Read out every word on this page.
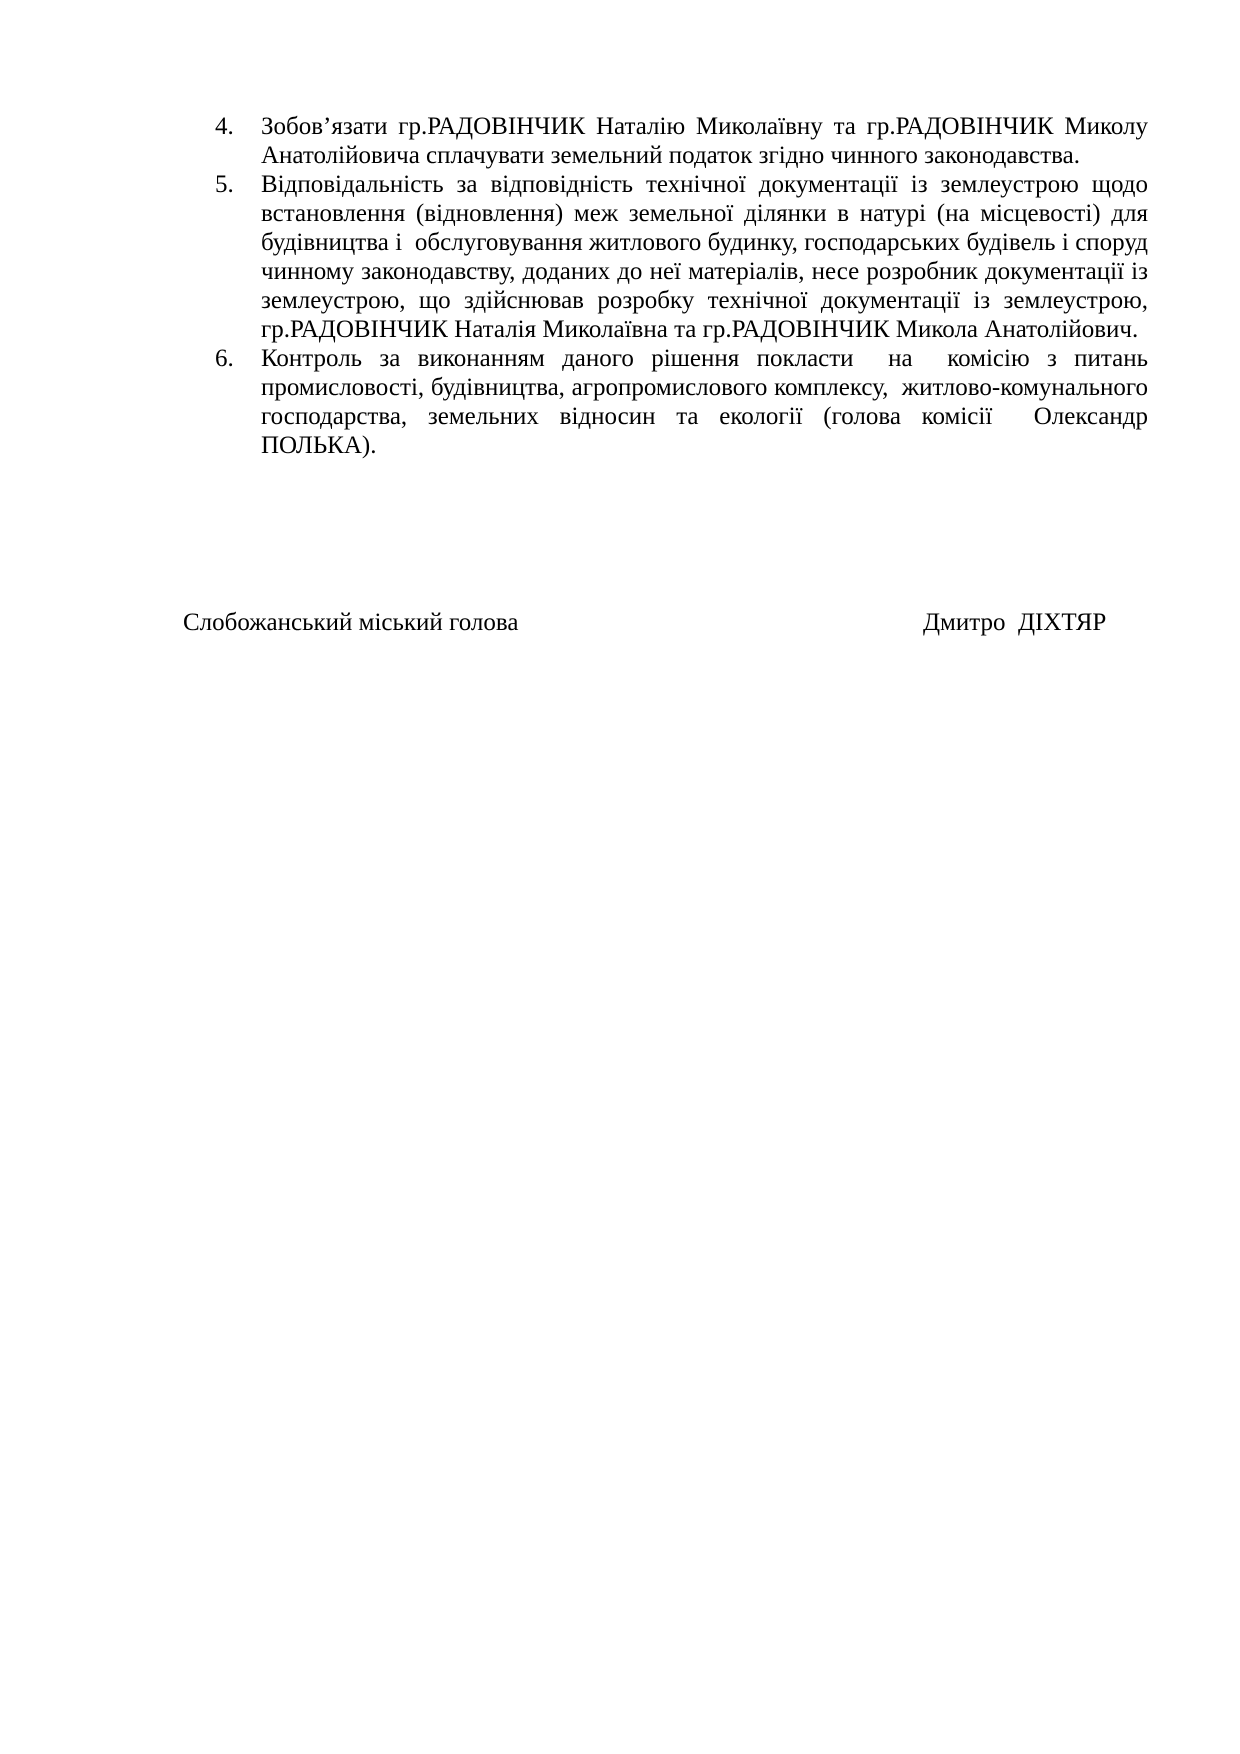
4.	Зобов’язати гр.РАДОВІНЧИК Наталію Миколаївну та гр.РАДОВІНЧИК Миколу
Анатолійовича сплачувати земельний податок згідно чинного законодавства.
5.	Відповідальність за відповідність технічної документації із землеустрою щодо
встановлення (відновлення) меж земельної ділянки в натурі (на місцевості) для
будівництва і  обслуговування житлового будинку, господарських будівель і споруд
чинному законодавству, доданих до неї матеріалів, несе розробник документації із
землеустрою, що здійснював розробку технічної документації із землеустрою,
гр.РАДОВІНЧИК Наталія Миколаївна та гр.РАДОВІНЧИК Микола Анатолійович.
6.	Контроль за виконанням даного рішення покласти  на  комісію з питань
промисловості, будівництва, агропромислового комплексу,  житлово-комунального
господарства, земельних відносин та екології (голова комісії  Олександр ПОЛЬКА).
Слобожанський міський голова	Дмитро  ДІХТЯР
